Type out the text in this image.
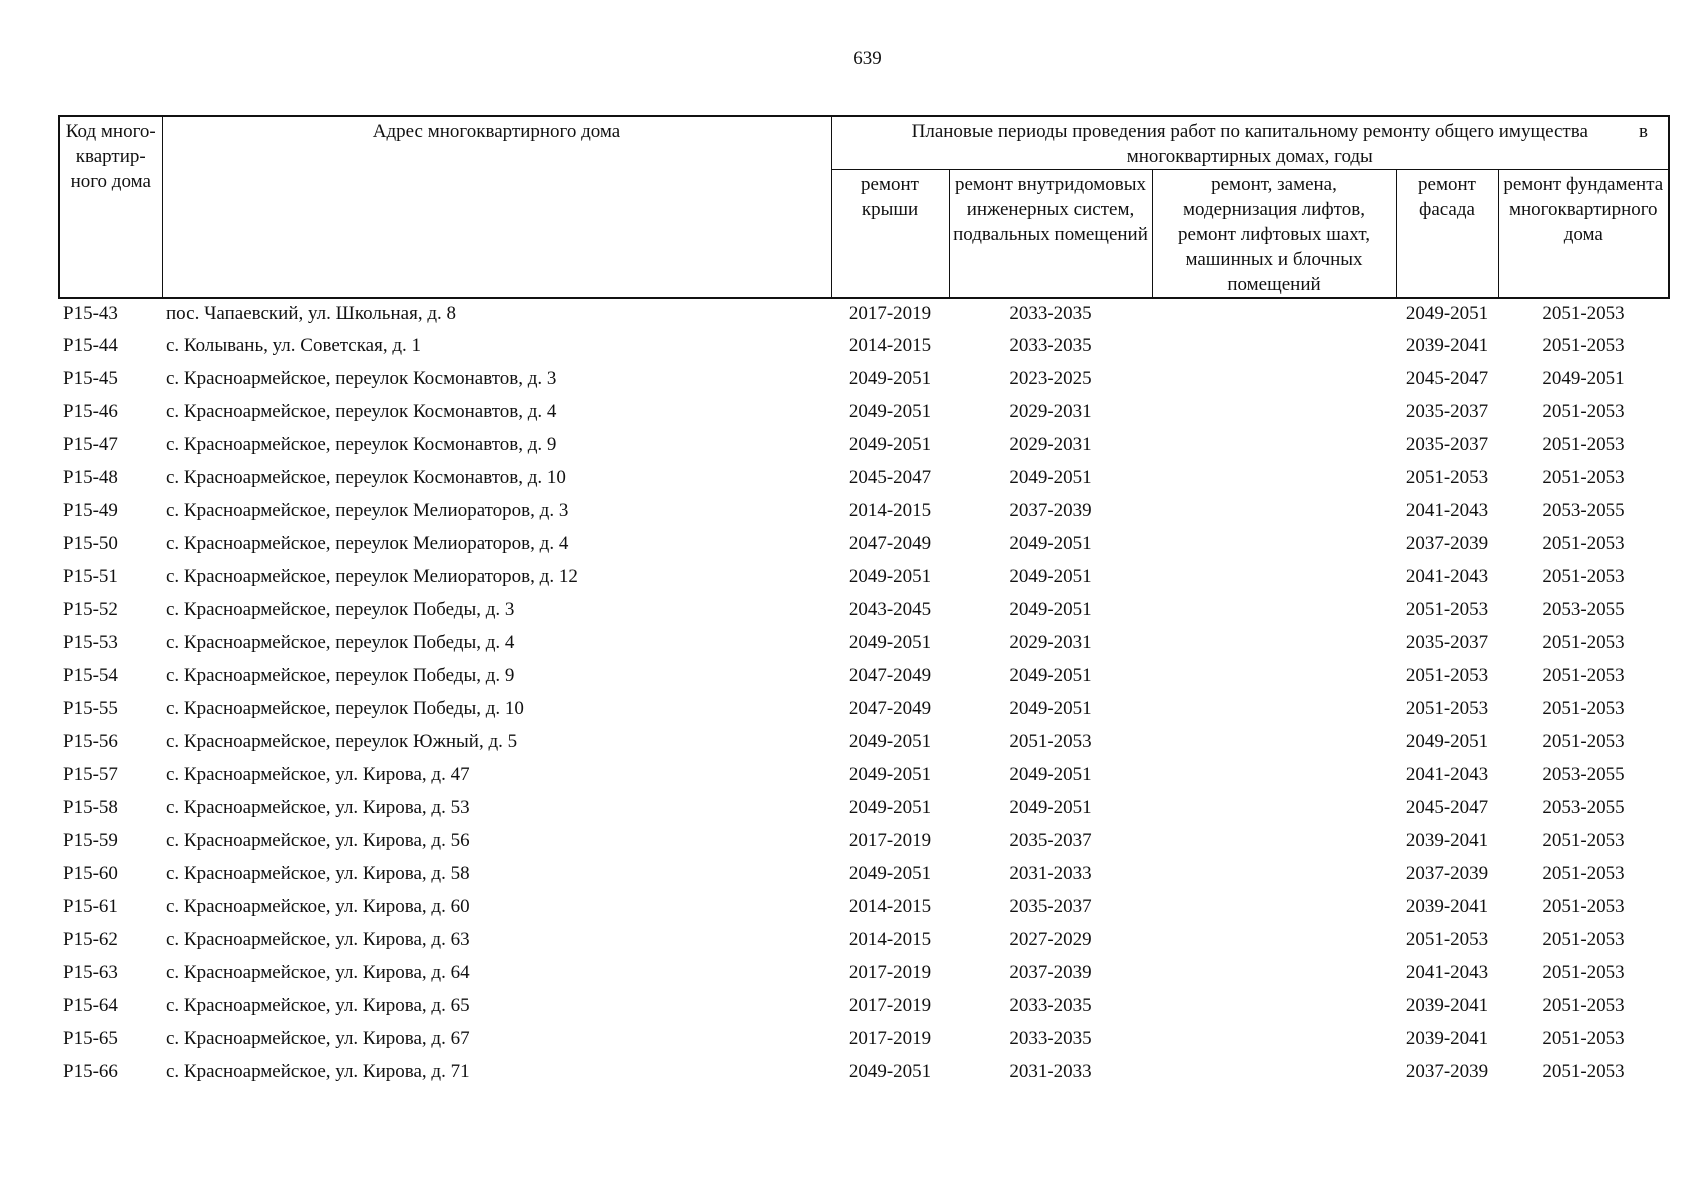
639
Код много-квартир-ного дома	Адрес многоквартирного дома	Плановые периоды проведения работ по капитальному ремонту общего имущества в

многоквартирных домах, годы				
		ремонт крыши	ремонт внутридомовых инженерных систем, подвальных помещений	ремонт, замена, модернизация лифтов, ремонт лифтовых шахт, машинных и блочных помещений	ремонт фасада	ремонт фундамента многоквартирного дома
Р15-43	пос. Чапаевский, ул. Школьная, д. 8	2017-2019	2033-2035		2049-2051	2051-2053
Р15-44	с. Колывань, ул. Советская, д. 1	2014-2015	2033-2035		2039-2041	2051-2053
Р15-45	с. Красноармейское, переулок Космонавтов, д. 3	2049-2051	2023-2025		2045-2047	2049-2051
Р15-46	с. Красноармейское, переулок Космонавтов, д. 4	2049-2051	2029-2031		2035-2037	2051-2053
Р15-47	с. Красноармейское, переулок Космонавтов, д. 9	2049-2051	2029-2031		2035-2037	2051-2053
Р15-48	с. Красноармейское, переулок Космонавтов, д. 10	2045-2047	2049-2051		2051-2053	2051-2053
Р15-49	с. Красноармейское, переулок Мелиораторов, д. 3	2014-2015	2037-2039		2041-2043	2053-2055
Р15-50	с. Красноармейское, переулок Мелиораторов, д. 4	2047-2049	2049-2051		2037-2039	2051-2053
Р15-51	с. Красноармейское, переулок Мелиораторов, д. 12	2049-2051	2049-2051		2041-2043	2051-2053
Р15-52	с. Красноармейское, переулок Победы, д. 3	2043-2045	2049-2051		2051-2053	2053-2055
Р15-53	с. Красноармейское, переулок Победы, д. 4	2049-2051	2029-2031		2035-2037	2051-2053
Р15-54	с. Красноармейское, переулок Победы, д. 9	2047-2049	2049-2051		2051-2053	2051-2053
Р15-55	с. Красноармейское, переулок Победы, д. 10	2047-2049	2049-2051		2051-2053	2051-2053
Р15-56	с. Красноармейское, переулок Южный, д. 5	2049-2051	2051-2053		2049-2051	2051-2053
Р15-57	с. Красноармейское, ул. Кирова, д. 47	2049-2051	2049-2051		2041-2043	2053-2055
Р15-58	с. Красноармейское, ул. Кирова, д. 53	2049-2051	2049-2051		2045-2047	2053-2055
Р15-59	с. Красноармейское, ул. Кирова, д. 56	2017-2019	2035-2037		2039-2041	2051-2053
Р15-60	с. Красноармейское, ул. Кирова, д. 58	2049-2051	2031-2033		2037-2039	2051-2053
Р15-61	с. Красноармейское, ул. Кирова, д. 60	2014-2015	2035-2037		2039-2041	2051-2053
Р15-62	с. Красноармейское, ул. Кирова, д. 63	2014-2015	2027-2029		2051-2053	2051-2053
Р15-63	с. Красноармейское, ул. Кирова, д. 64	2017-2019	2037-2039		2041-2043	2051-2053
Р15-64	с. Красноармейское, ул. Кирова, д. 65	2017-2019	2033-2035		2039-2041	2051-2053
Р15-65	с. Красноармейское, ул. Кирова, д. 67	2017-2019	2033-2035		2039-2041	2051-2053
Р15-66	с. Красноармейское, ул. Кирова, д. 71	2049-2051	2031-2033		2037-2039	2051-2053
